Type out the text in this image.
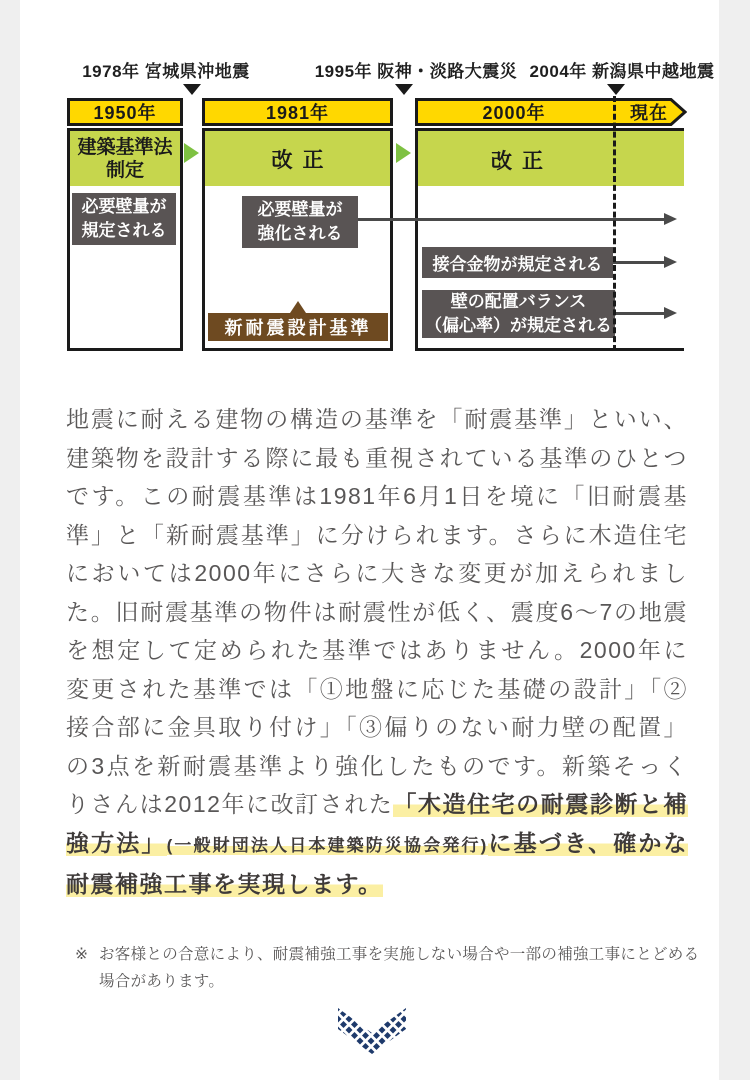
1978年 宮城県沖地震	1995年 阪神・淡路大震災 2004年 新潟県中越地震
1950年	1981年	2000年	現在
建築基準法
制定
必要壁量が
規定される
改正
必要壁量が
強化される
改正
接合金物が規定される
壁の配置バランス
（偏心率）が規定される
新耐震設計基準
地震に耐える建物の構造の基準を「耐震基準」といい、建築物を設計する際に最も重視されている基準のひとつです。この耐震基準は1981年6月1日を境に「旧耐震基準」と「新耐震基準」に分けられます。さらに木造住宅においては2000年にさらに大きな変更が加えられました。旧耐震基準の物件は耐震性が低く、震度6〜7の地震を想定して定められた基準ではありません。2000年に変更された基準では「①地盤に応じた基礎の設計」「②接合部に金具取り付け」「③偏りのない耐力壁の配置」の3点を新耐震基準より強化したものです。新築そっくりさんは2012年に改訂された「木造住宅の耐震診断と補強方法」(一般財団法人日本建築防災協会発行)に基づき、確かな耐震補強工事を実現します。
※ お客様との合意により、耐震補強工事を実施しない場合や一部の補強工事にとどめる場合があります。
